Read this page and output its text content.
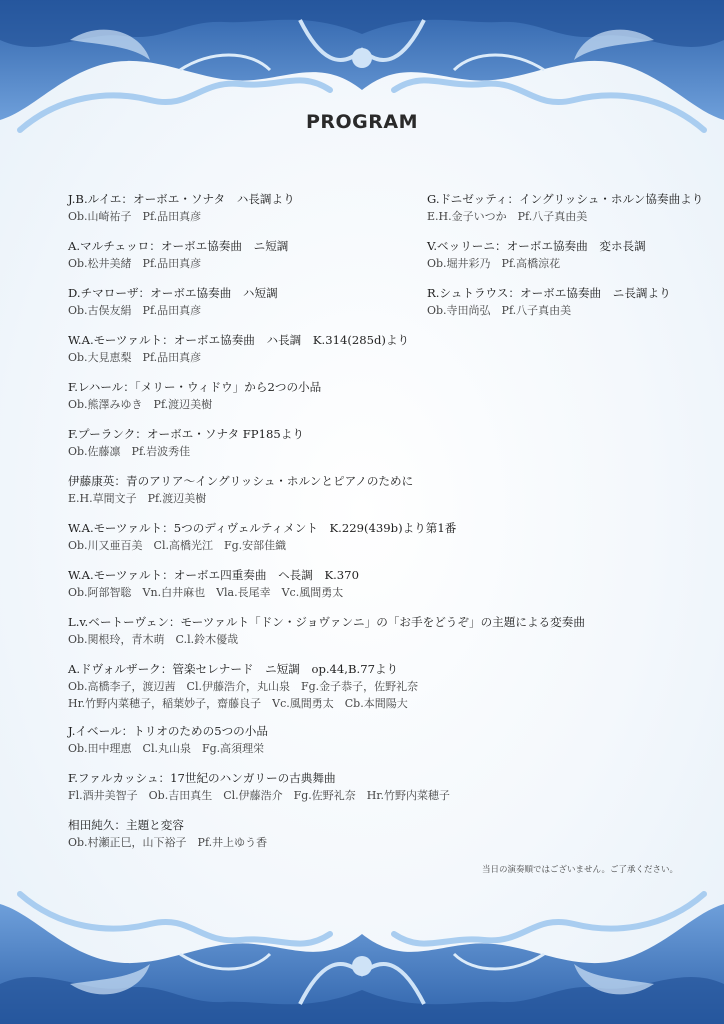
PROGRAM
J.B.ルイエ：オーボエ・ソナタ　ハ長調より
Ob.山崎祐子　Pf.品田真彦
A.マルチェッロ：オーボエ協奏曲　ニ短調
Ob.松井美緒　Pf.品田真彦
D.チマローザ：オーボエ協奏曲　ハ短調
Ob.古俣友絹　Pf.品田真彦
W.A.モーツァルト：オーボエ協奏曲　ハ長調　K.314(285d)より
Ob.大見恵梨　Pf.品田真彦
F.レハール：「メリー・ウィドウ」から2つの小品
Ob.熊澤みゆき　Pf.渡辺美樹
F.プーランク：オーボエ・ソナタ FP185より
Ob.佐藤凛　Pf.岩波秀佳
伊藤康英：青のアリア～イングリッシュ・ホルンとピアノのために
E.H.草間文子　Pf.渡辺美樹
W.A.モーツァルト：5つのディヴェルティメント　K.229(439b)より第1番
Ob.川又亜百美　Cl.高橋光江　Fg.安部佳織
W.A.モーツァルト：オーボエ四重奏曲　ヘ長調　K.370
Ob.阿部智聡　Vn.白井麻也　Vla.長尾幸　Vc.風間勇太
L.v.ベートーヴェン：モーツァルト「ドン・ジョヴァンニ」の「お手をどうぞ」の主題による変奏曲
Ob.関根玲，青木萌　C.l.鈴木優哉
A.ドヴォルザーク：管楽セレナード　ニ短調　op.44,B.77より
Ob.高橋李子，渡辺茜　Cl.伊藤浩介，丸山泉　Fg.金子恭子，佐野礼奈
Hr.竹野内菜穂子，稲葉妙子，齋藤良子　Vc.風間勇太　Cb.本間陽大
J.イベール：トリオのための5つの小品
Ob.田中理恵　Cl.丸山泉　Fg.高須理栄
F.ファルカッシュ：17世紀のハンガリーの古典舞曲
Fl.酒井美智子　Ob.吉田真生　Cl.伊藤浩介　Fg.佐野礼奈　Hr.竹野内菜穂子
相田純久：主題と変容
Ob.村瀬正巳，山下裕子　Pf.井上ゆう香
G.ドニゼッティ：イングリッシュ・ホルン協奏曲より
E.H.金子いつか　Pf.八子真由美
V.ベッリーニ：オーボエ協奏曲　変ホ長調
Ob.堀井彩乃　Pf.高橋涼花
R.シュトラウス：オーボエ協奏曲　ニ長調より
Ob.寺田尚弘　Pf.八子真由美
当日の演奏順ではございません。ご了承ください。
